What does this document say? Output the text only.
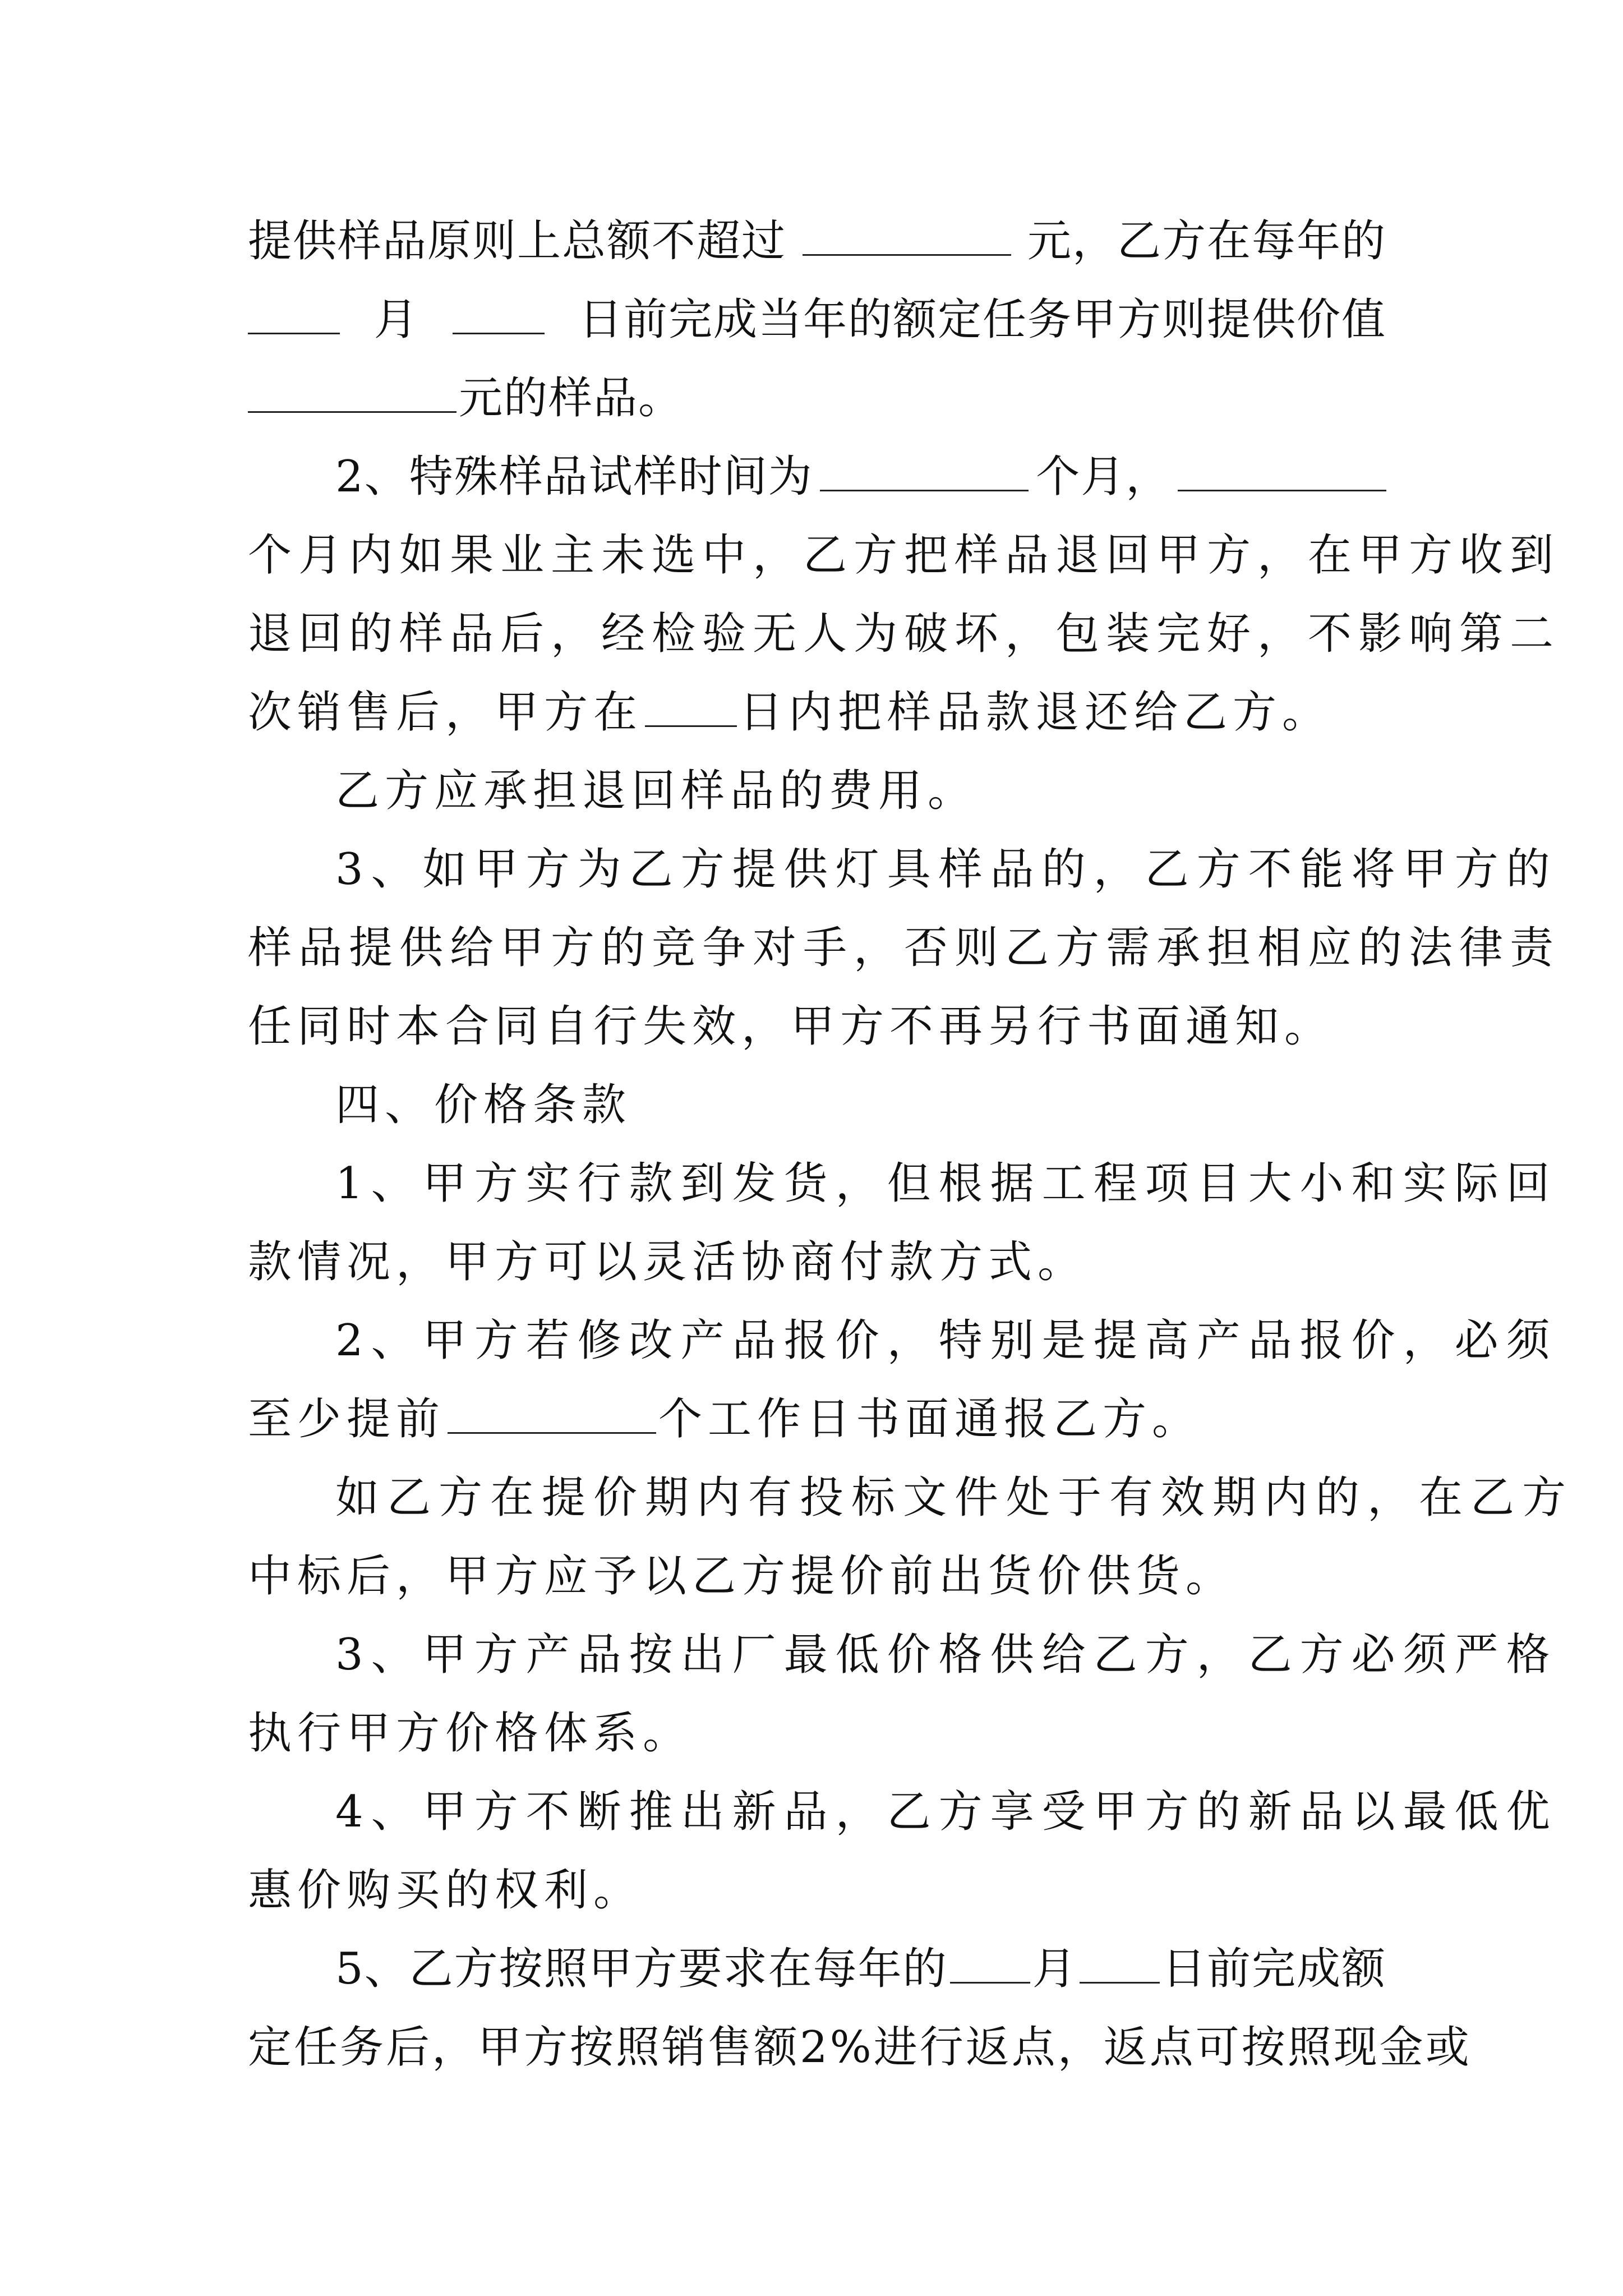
提供样品原则上总额不超过	元，乙方在每年的
月	日前完成当年的额定任务甲方则提供价值
元的样品。
2、特殊样品试样时间为	个月，
个月内如果业主未选中，乙方把样品退回甲方，在甲方收到
退回的样品后，经检验无人为破坏，包装完好，不影响第二
次销售后，甲方在 日内把样品款退还给乙方。
乙方应承担退回样品的费用。
3、如甲方为乙方提供灯具样品的，乙方不能将甲方的
样品提供给甲方的竞争对手，否则乙方需承担相应的法律责
任同时本合同自行失效，甲方不再另行书面通知。
四、价格条款
1、甲方实行款到发货，但根据工程项目大小和实际回
款情况，甲方可以灵活协商付款方式。
2、甲方若修改产品报价，特别是提高产品报价，必须
至少提前	个工作日书面通报乙方。
如乙方在提价期内有投标文件处于有效期内的，在乙方
中标后，甲方应予以乙方提价前出货价供货。
3、甲方产品按出厂最低价格供给乙方，乙方必须严格
执行甲方价格体系。
4、甲方不断推出新品，乙方享受甲方的新品以最低优
惠价购买的权利。
5、乙方按照甲方要求在每年的 月 日前完成额
定任务后，甲方按照销售额2%进行返点，返点可按照现金或
